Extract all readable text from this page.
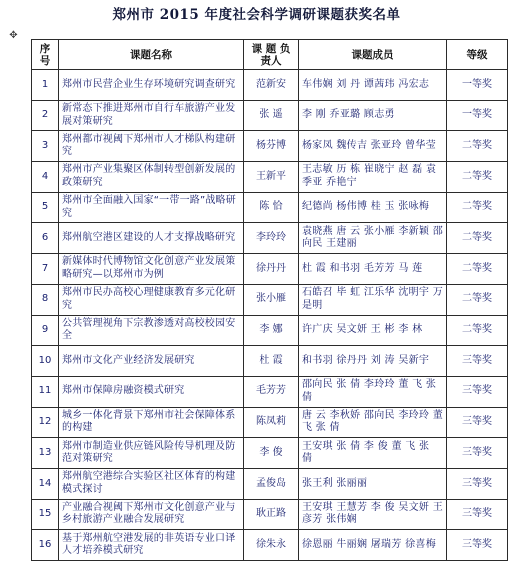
郑州市 2015 年度社会科学调研课题获奖名单
✥
序号	课题名称	课 题 负责人	课题成员	等级
1	郑州市民营企业生存环境研究调查研究	范新安	车伟娴 刘 丹 谭茜玮 冯宏志	一等奖
2	新常态下推进郑州市自行车旅游产业发展对策研究	张 遥	李 刚 乔亚璐 顾志勇	一等奖
3	郑州都市视阈下郑州市人才梯队构建研究	杨芬博	杨家凤 魏传吉 张亚玲 曾华莹	二等奖
4	郑州市产业集聚区体制转型创新发展的政策研究	王新平	王志敏 历 栋 崔晓宁 赵 磊 袁季亚 乔艳宁	二等奖
5	郑州市全面融入国家“一带一路”战略研究	陈 恰	纪德尚 杨伟博 桂 玉 张咏梅	二等奖
6	郑州航空港区建设的人才支撑战略研究	李玲玲	袁晓燕 唐 云 张小雁 李新颖 邵向民 王建丽	二等奖
7	新媒体时代博物馆文化创意产业发展策略研究—以郑州市为例	徐丹丹	杜 霞 和书羽 毛芳芳 马 莲	二等奖
8	郑州市民办高校心理健康教育多元化研究	张小雁	石皓召 毕 虹 江乐华 沈明宇 万是明	二等奖
9	公共管理视角下宗教渗透对高校校园安全	李 娜	许广庆 吴文妍 王 彬 李 林	二等奖
10	郑州市文化产业经济发展研究	杜 霞	和书羽 徐丹丹 刘 涛 吴新宇	三等奖
11	郑州市保障房融资模式研究	毛芳芳	邵向民 张 倩 李玲玲 董 飞 张 倩	三等奖
12	城乡一体化背景下郑州市社会保障体系的构建	陈凤莉	唐 云 李秋娇 邵向民 李玲玲 董 飞 张 倩	三等奖
13	郑州市制造业供应链风险传导机理及防范对策研究	李 俊	王安琪 张 倩 李 俊 董 飞 张 倩	三等奖
14	郑州航空港综合实验区社区体育的构建模式探讨	孟俊岛	张王利 张丽丽	三等奖
15	产业融合视阈下郑州市文化创意产业与乡村旅游产业融合发展研究	耿正路	王安琪 王慧芳 李 俊 吴文妍 王彦芳 张伟娴	三等奖
16	基于郑州航空港发展的非英语专业口译人才培养模式研究	徐朱永	徐恩丽 牛丽娴 屠瑞芳 徐喜梅	三等奖
